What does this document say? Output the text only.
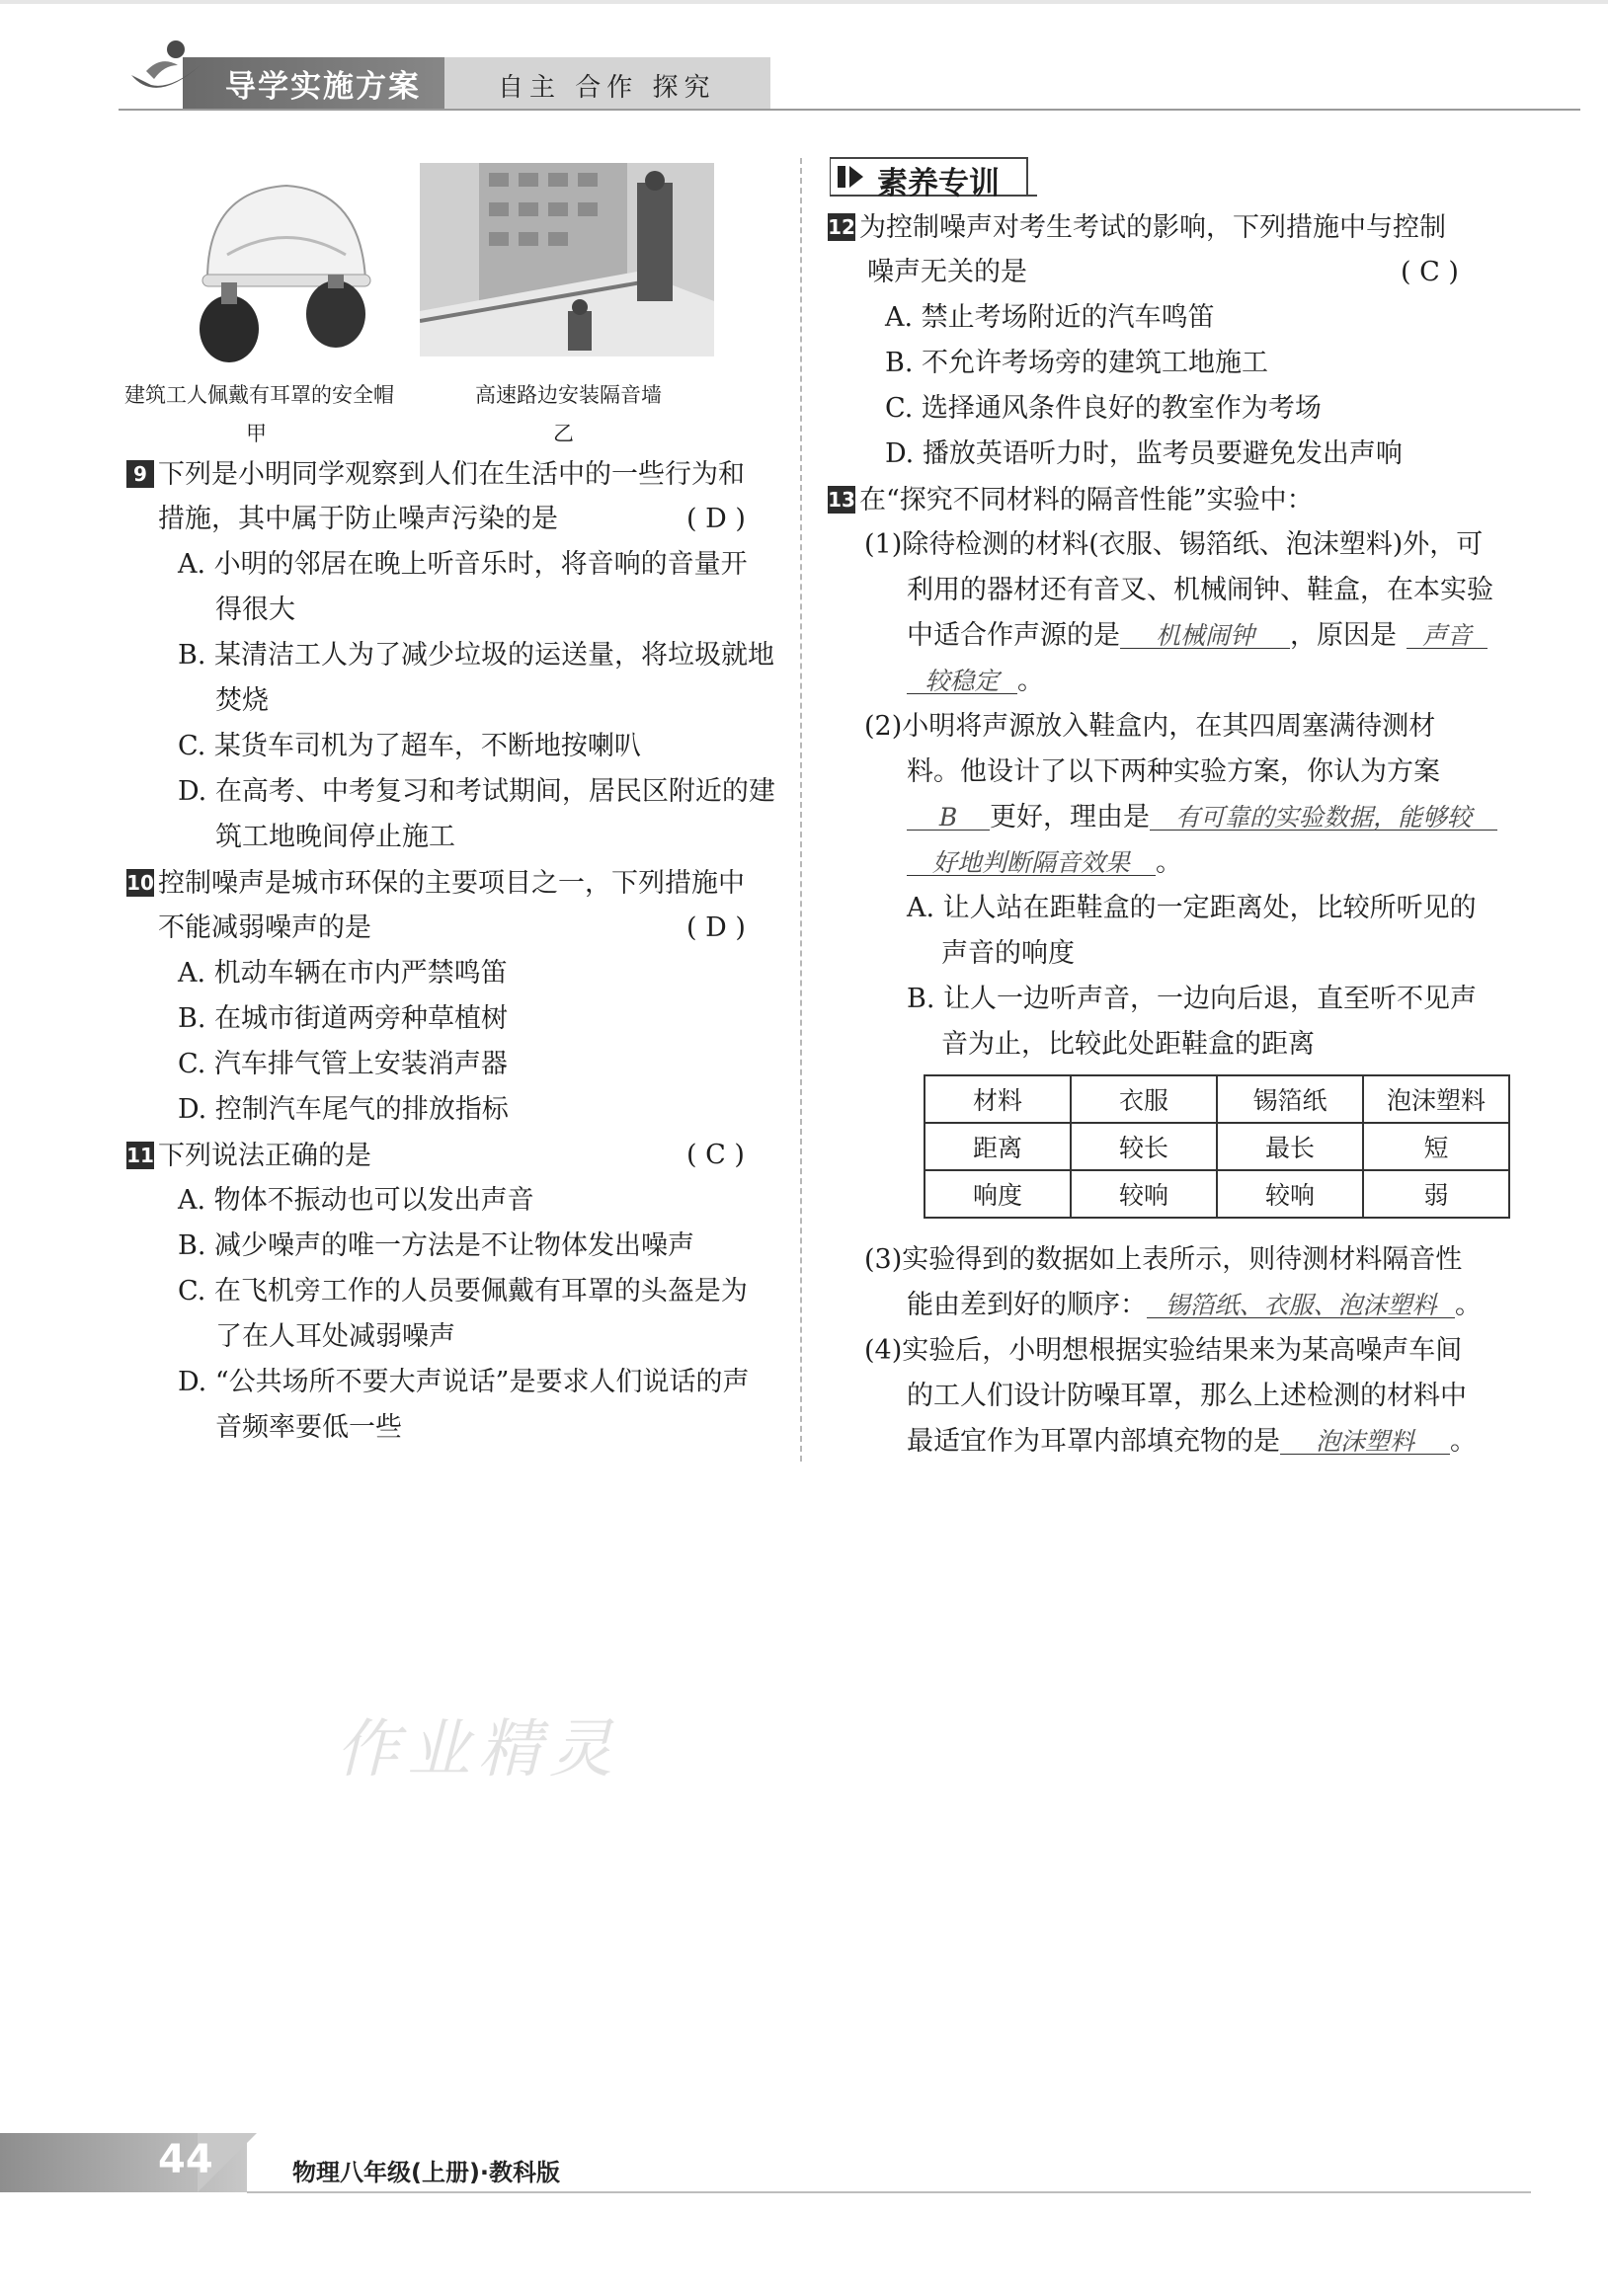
导学实施方案	自主 合作 探究
建筑工人佩戴有耳罩的安全帽
甲
高速路边安装隔音墙
乙
9 下列是小明同学观察到人们在生活中的一些行为和
措施，其中属于防止噪声污染的是	( D )
A. 小明的邻居在晚上听音乐时，将音响的音量开
得很大
B. 某清洁工人为了减少垃圾的运送量，将垃圾就地
焚烧
C. 某货车司机为了超车，不断地按喇叭
D. 在高考、中考复习和考试期间，居民区附近的建
筑工地晚间停止施工
10 控制噪声是城市环保的主要项目之一，下列措施中
不能减弱噪声的是	( D )
A. 机动车辆在市内严禁鸣笛
B. 在城市街道两旁种草植树
C. 汽车排气管上安装消声器
D. 控制汽车尾气的排放指标
11 下列说法正确的是	( C )
A. 物体不振动也可以发出声音
B. 减少噪声的唯一方法是不让物体发出噪声
C. 在飞机旁工作的人员要佩戴有耳罩的头盔是为
了在人耳处减弱噪声
D. “公共场所不要大声说话”是要求人们说话的声
音频率要低一些
素养专训
12 为控制噪声对考生考试的影响，下列措施中与控制
噪声无关的是	( C )
A. 禁止考场附近的汽车鸣笛
B. 不允许考场旁的建筑工地施工
C. 选择通风条件良好的教室作为考场
D. 播放英语听力时，监考员要避免发出声响
13 在“探究不同材料的隔音性能”实验中：
(1)除待检测的材料(衣服、锡箔纸、泡沫塑料)外，可
利用的器材还有音叉、机械闹钟、鞋盒，在本实验
中适合作声源的是 机械闹钟 ，原因是 声音
较稳定 。
(2)小明将声源放入鞋盒内，在其四周塞满待测材
料。他设计了以下两种实验方案，你认为方案
B 更好，理由是 有可靠的实验数据，能够较
好地判断隔音效果 。
A. 让人站在距鞋盒的一定距离处，比较所听见的
声音的响度
B. 让人一边听声音，一边向后退，直至听不见声
音为止，比较此处距鞋盒的距离
材料	衣服	锡箔纸	泡沫塑料
距离	较长	最长	短
响度	较响	较响	弱
(3)实验得到的数据如上表所示，则待测材料隔音性
能由差到好的顺序： 锡箔纸、衣服、泡沫塑料 。
(4)实验后，小明想根据实验结果来为某高噪声车间
的工人们设计防噪耳罩，那么上述检测的材料中
最适宜作为耳罩内部填充物的是 泡沫塑料 。
作业精灵
44	物理八年级(上册)·教科版
